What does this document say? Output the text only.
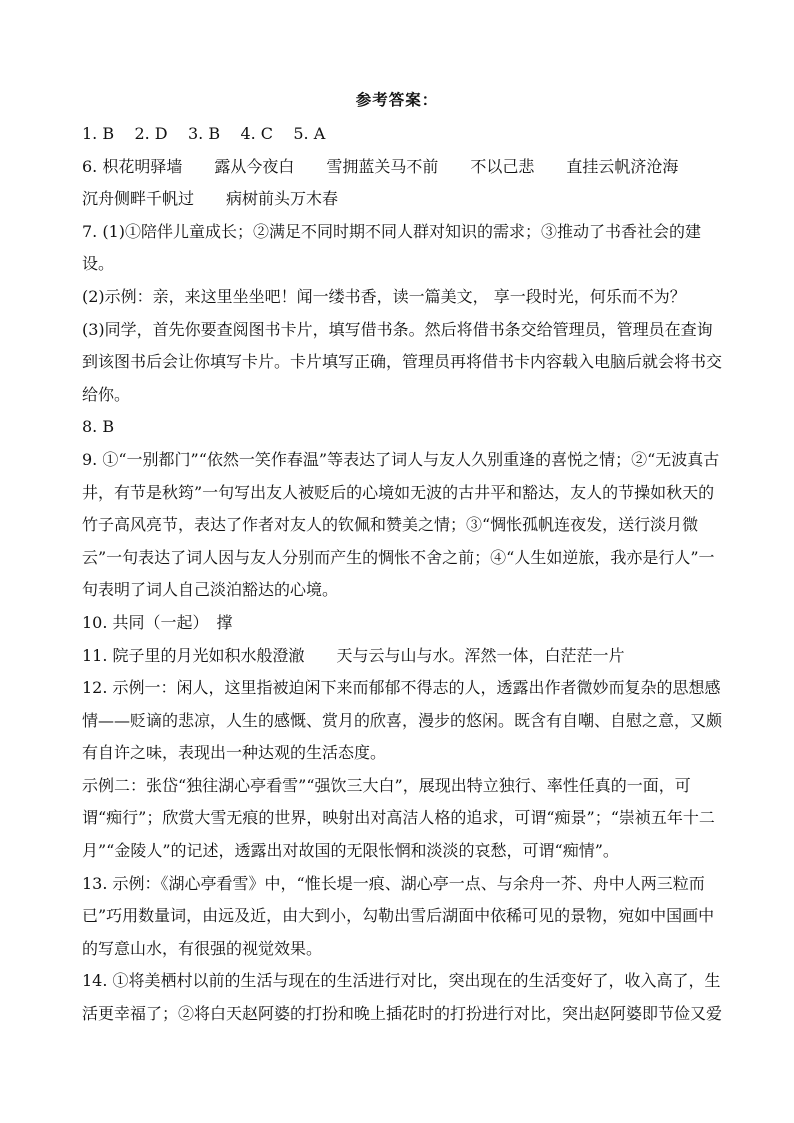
参考答案：

1. B 2. D 3. B 4. C 5. A

6. 枳花明驿墙　　露从今夜白　　雪拥蓝关马不前　　不以己悲　　直挂云帆济沧海

沉舟侧畔千帆过　　病树前头万木春

7. (1)①陪伴儿童成长；②满足不同时期不同人群对知识的需求；③推动了书香社会的建设。

(2)示例：亲，来这里坐坐吧！闻一缕书香，读一篇美文， 享一段时光，何乐而不为？

(3)同学，首先你要查阅图书卡片，填写借书条。然后将借书条交给管理员，管理员在查询到该图书后会让你填写卡片。卡片填写正确，管理员再将借书卡内容载入电脑后就会将书交给你。

8. B

9. ①“一别都门”“依然一笑作春温”等表达了词人与友人久别重逢的喜悦之情；②“无波真古井，有节是秋筠”一句写出友人被贬后的心境如无波的古井平和豁达，友人的节操如秋天的竹子高风亮节，表达了作者对友人的钦佩和赞美之情；③“惆怅孤帆连夜发，送行淡月微云”一句表达了词人因与友人分别而产生的惆怅不舍之前；④“人生如逆旅，我亦是行人”一句表明了词人自己淡泊豁达的心境。

10. 共同（一起）　撑

11. 院子里的月光如积水般澄澈　　天与云与山与水。浑然一体，白茫茫一片

12. 示例一：闲人，这里指被迫闲下来而郁郁不得志的人，透露出作者微妙而复杂的思想感情——贬谪的悲凉，人生的感慨、赏月的欣喜，漫步的悠闲。既含有自嘲、自慰之意，又颇有自许之味，表现出一种达观的生活态度。

示例二：张岱“独往湖心亭看雪”“强饮三大白”，展现出特立独行、率性任真的一面，可谓“痴行”；欣赏大雪无痕的世界，映射出对高洁人格的追求，可谓“痴景”；“崇祯五年十二月”“金陵人”的记述，透露出对故国的无限怅惘和淡淡的哀愁，可谓“痴情”。

13. 示例：《湖心亭看雪》中，“惟长堤一痕、湖心亭一点、与余舟一芥、舟中人两三粒而已”巧用数量词，由远及近，由大到小，勾勒出雪后湖面中依稀可见的景物，宛如中国画中的写意山水，有很强的视觉效果。

14. ①将美栖村以前的生活与现在的生活进行对比，突出现在的生活变好了，收入高了，生活更幸福了；②将白天赵阿婆的打扮和晚上插花时的打扮进行对比，突出赵阿婆即节俭又爱
